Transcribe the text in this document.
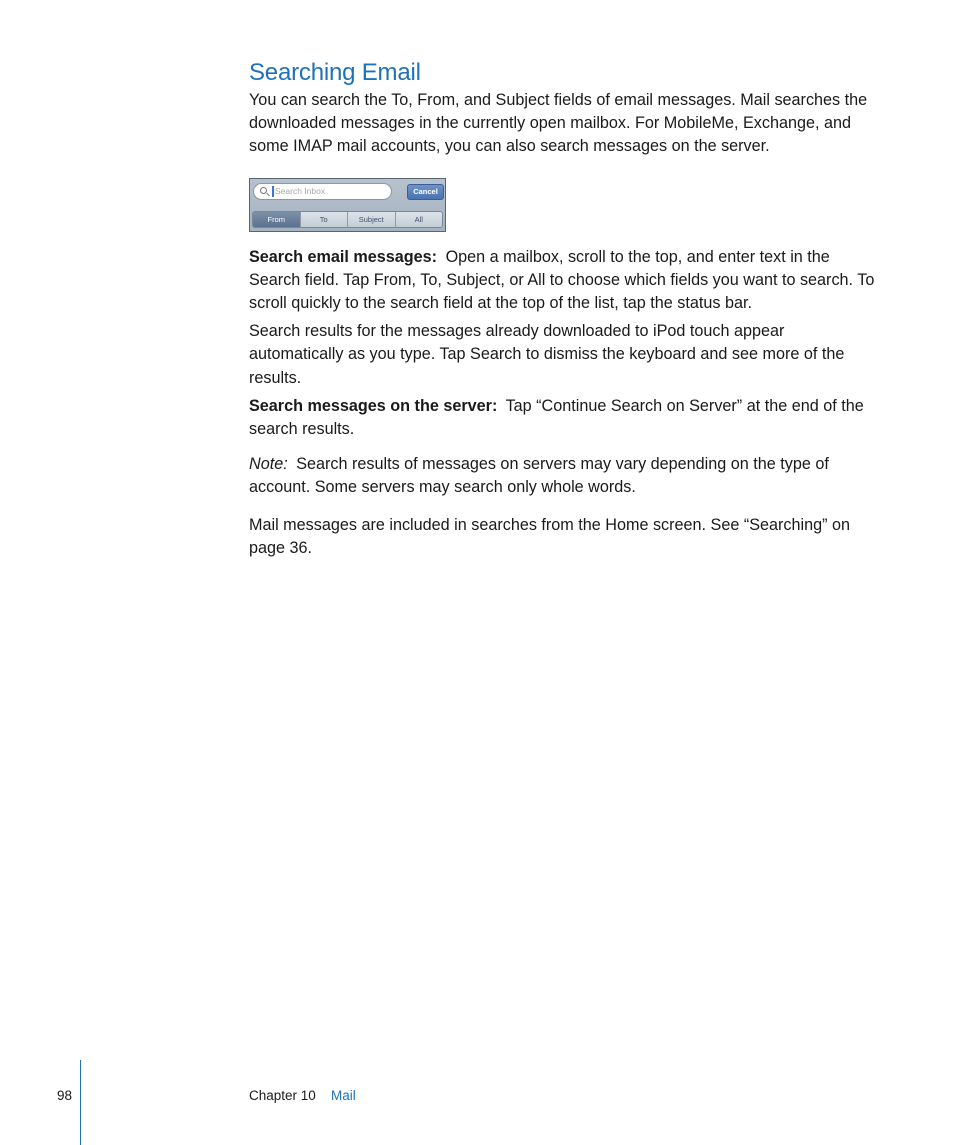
Searching Email

You can search the To, From, and Subject fields of email messages. Mail searches the downloaded messages in the currently open mailbox. For MobileMe, Exchange, and some IMAP mail accounts, you can also search messages on the server.

Search Inbox	Cancel
From	To	Subject	All

Search email messages: Open a mailbox, scroll to the top, and enter text in the Search field. Tap From, To, Subject, or All to choose which fields you want to search. To scroll quickly to the search field at the top of the list, tap the status bar.

Search results for the messages already downloaded to iPod touch appear automatically as you type. Tap Search to dismiss the keyboard and see more of the results.

Search messages on the server: Tap “Continue Search on Server” at the end of the search results.

Note: Search results of messages on servers may vary depending on the type of account. Some servers may search only whole words.

Mail messages are included in searches from the Home screen. See “Searching” on page 36.

98	Chapter 10 Mail
